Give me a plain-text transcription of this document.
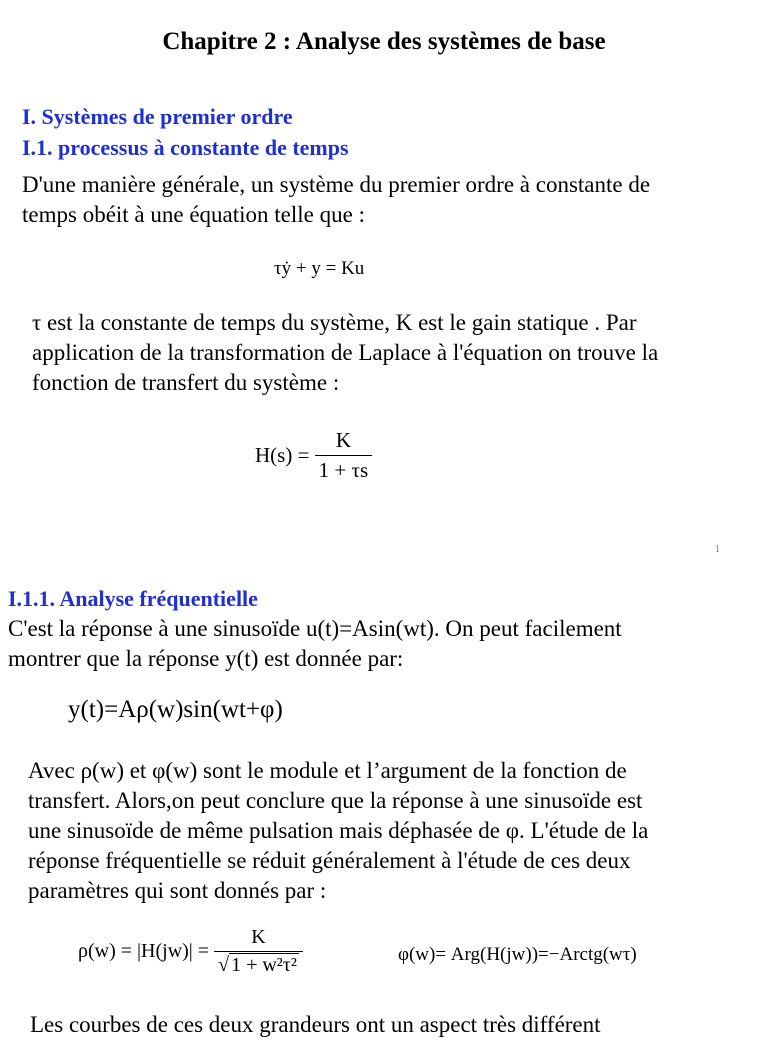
Chapitre 2 : Analyse des systèmes de base
I. Systèmes de premier ordre
I.1. processus à constante de temps
D'une manière générale, un système du premier ordre à constante de
temps obéit à une équation telle que :
τẏ + y = Ku
τ est la constante de temps du système, K est le gain statique . Par
application de la transformation de Laplace à l'équation on trouve la
fonction de transfert du système :
$H(s) = \frac{K}{1 + \tau s}$
1
I.1.1. Analyse fréquentielle
C'est la réponse à une sinusoïde u(t)=Asin(wt). On peut facilement
montrer que la réponse y(t) est donnée par:
y(t)=Aρ(w)sin(wt+φ)
Avec ρ(w) et φ(w) sont le module et l’argument de la fonction de
transfert. Alors,on peut conclure que la réponse à une sinusoïde est
une sinusoïde de même pulsation mais déphasée de φ. L'étude de la
réponse fréquentielle se réduit généralement à l'étude de ces deux
paramètres qui sont donnés par :
$\rho(w) = |H(jw)| = \frac{K}{\text{√ 1 + w²τ²}}$	φ(w)= Arg(H(jw))=−Arctg(wτ)
Les courbes de ces deux grandeurs ont un aspect très différent
